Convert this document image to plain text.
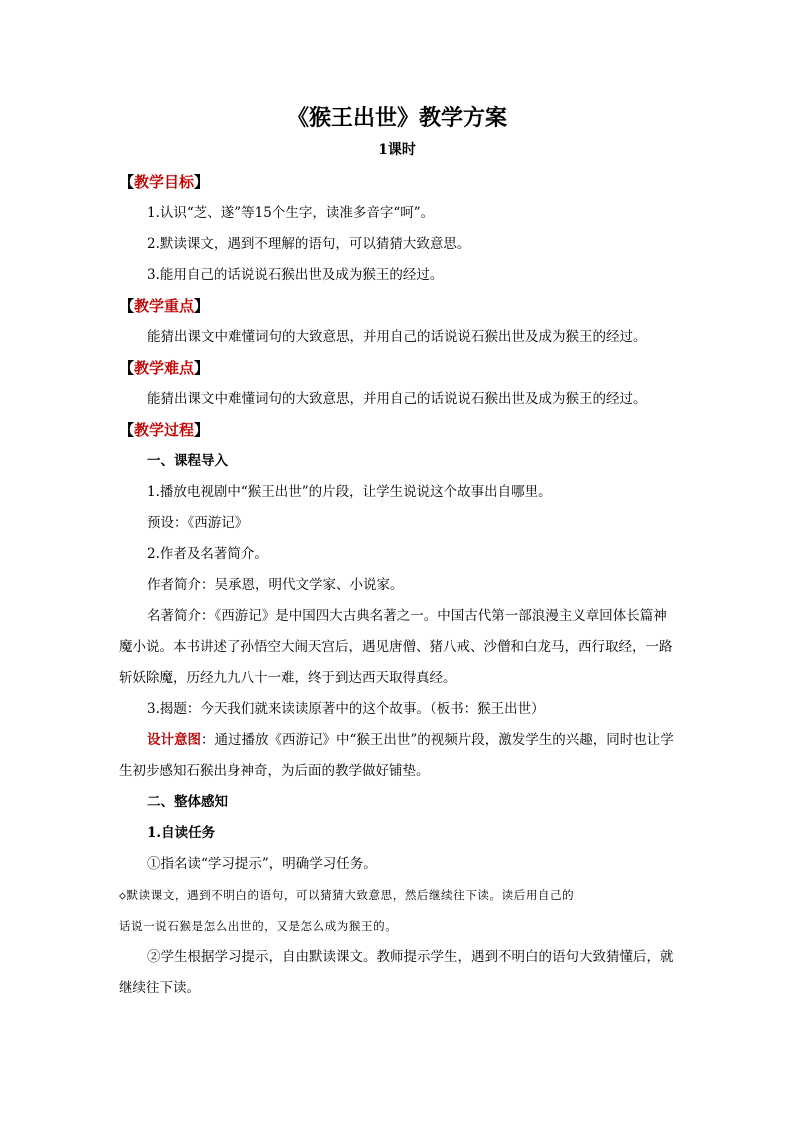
《猴王出世》教学方案

1课时

【教学目标】

1.认识“芝、遂”等15个生字，读准多音字“呵”。

2.默读课文，遇到不理解的语句，可以猜猜大致意思。

3.能用自己的话说说石猴出世及成为猴王的经过。

【教学重点】

能猜出课文中难懂词句的大致意思，并用自己的话说说石猴出世及成为猴王的经过。

【教学难点】

能猜出课文中难懂词句的大致意思，并用自己的话说说石猴出世及成为猴王的经过。

【教学过程】

一、课程导入

1.播放电视剧中“猴王出世”的片段，让学生说说这个故事出自哪里。

预设：《西游记》

2.作者及名著简介。

作者简介：吴承恩，明代文学家、小说家。

名著简介：《西游记》是中国四大古典名著之一。中国古代第一部浪漫主义章回体长篇神魔小说。本书讲述了孙悟空大闹天宫后，遇见唐僧、猪八戒、沙僧和白龙马，西行取经，一路斩妖除魔，历经九九八十一难，终于到达西天取得真经。

3.揭题：今天我们就来读读原著中的这个故事。（板书：猴王出世）

设计意图：通过播放《西游记》中“猴王出世”的视频片段，激发学生的兴趣，同时也让学生初步感知石猴出身神奇，为后面的教学做好铺垫。

二、整体感知

1.自读任务

①指名读“学习提示”，明确学习任务。

◇默读课文，遇到不明白的语句，可以猜猜大致意思，然后继续往下读。读后用自己的

话说一说石猴是怎么出世的，又是怎么成为猴王的。

②学生根据学习提示，自由默读课文。教师提示学生，遇到不明白的语句大致猜懂后，就继续往下读。
